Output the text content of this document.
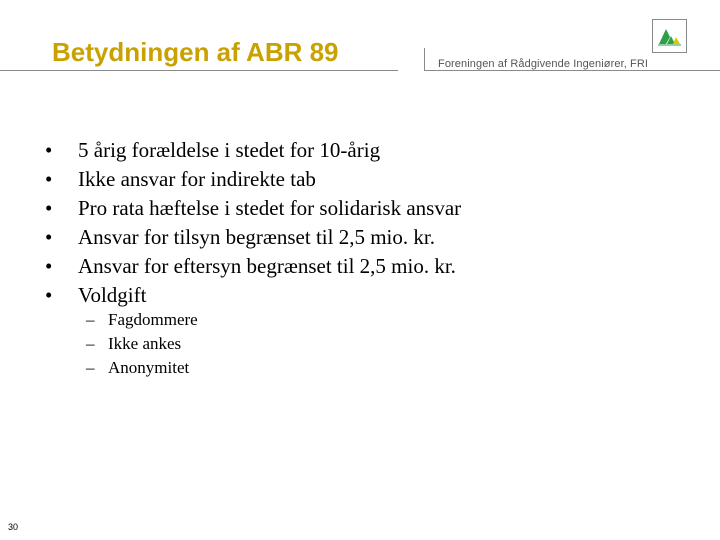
Betydningen af ABR 89	Foreningen af Rådgivende Ingeniører, FRI
•	5 årig forældelse i stedet for 10-årig
•	Ikke ansvar for indirekte tab
•	Pro rata hæftelse i stedet for solidarisk ansvar
•	Ansvar for tilsyn begrænset til 2,5 mio. kr.
•	Ansvar for eftersyn begrænset til 2,5 mio. kr.
•	Voldgift
– Fagdommere
– Ikke ankes
– Anonymitet
30
